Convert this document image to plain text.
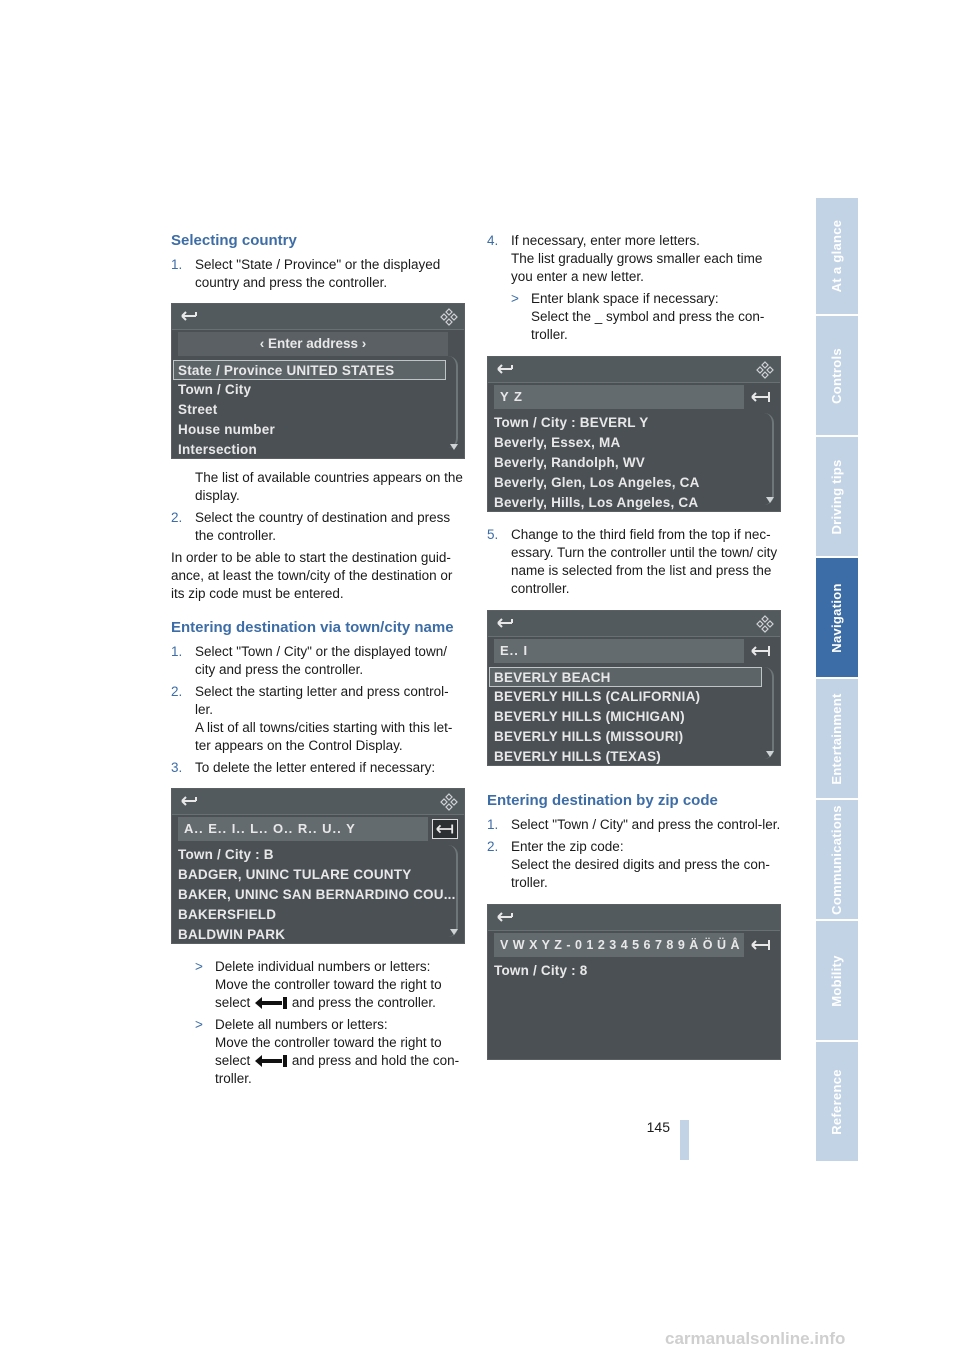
At a glance
Controls
Driving tips
Navigation
Entertainment
Communications
Mobility
Reference
145
Selecting country
1. Select "State / Province" or the displayed country and press the controller.
‹ Enter address ›
State / Province UNITED STATES
Town / City
Street
House number
Intersection
The list of available countries appears on the display.
2. Select the country of destination and press the controller.

In order to be able to start the destination guid-ance, at least the town/city of the destination or its zip code must be entered.

Entering destination via town/city name
1. Select "Town / City" or the displayed town/ city and press the controller.
2. Select the starting letter and press control-ler.
A list of all towns/cities starting with this let-ter appears on the Control Display.
3. To delete the letter entered if necessary:
A.. E.. I.. L.. O.. R.. U.. Y
Town / City : B
BADGER, UNINC TULARE COUNTY
BAKER, UNINC SAN BERNARDINO COU...
BAKERSFIELD
BALDWIN PARK
> Delete individual numbers or letters:
Move the controller toward the right to
select	and press the controller.
> Delete all numbers or letters:
Move the controller toward the right to
select	and press and hold the con-troller.
4. If necessary, enter more letters.
The list gradually grows smaller each time you enter a new letter.
> Enter blank space if necessary:
Select the _ symbol and press the con-troller.
Y Z
Town / City : BEVERL Y
Beverly, Essex, MA
Beverly, Randolph, WV
Beverly, Glen, Los Angeles, CA
Beverly, Hills, Los Angeles, CA
5. Change to the third field from the top if nec-essary. Turn the controller until the town/ city name is selected from the list and press the controller.
E.. I
BEVERLY BEACH
BEVERLY HILLS (CALIFORNIA)
BEVERLY HILLS (MICHIGAN)
BEVERLY HILLS (MISSOURI)
BEVERLY HILLS (TEXAS)
Entering destination by zip code
1. Select "Town / City" and press the control-ler.
2. Enter the zip code:
Select the desired digits and press the con-troller.
V W X Y Z - 0 1 2 3 4 5 6 7 8 9 Ä Ö Ü Å
Town / City : 8
carmanualsonline.info
